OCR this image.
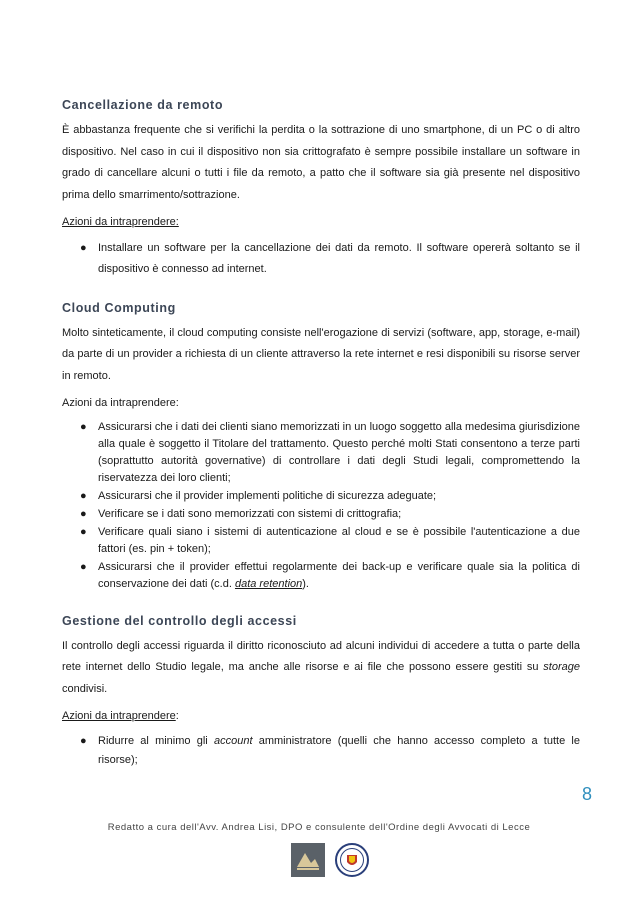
Cancellazione da remoto

È abbastanza frequente che si verifichi la perdita o la sottrazione di uno smartphone, di un PC o di altro dispositivo. Nel caso in cui il dispositivo non sia crittografato è sempre possibile installare un software in grado di cancellare alcuni o tutti i file da remoto, a patto che il software sia già presente nel dispositivo prima dello smarrimento/sottrazione.

Azioni da intraprendere:
● Installare un software per la cancellazione dei dati da remoto. Il software opererà soltanto se il dispositivo è connesso ad internet.
Cloud Computing

Molto sinteticamente, il cloud computing consiste nell'erogazione di servizi (software, app, storage, e-mail) da parte di un provider a richiesta di un cliente attraverso la rete internet e resi disponibili su risorse server in remoto.

Azioni da intraprendere:
● Assicurarsi che i dati dei clienti siano memorizzati in un luogo soggetto alla medesima giurisdizione alla quale è soggetto il Titolare del trattamento. Questo perché molti Stati consentono a terze parti (soprattutto autorità governative) di controllare i dati degli Studi legali, compromettendo la riservatezza dei loro clienti;
● Assicurarsi che il provider implementi politiche di sicurezza adeguate;
● Verificare se i dati sono memorizzati con sistemi di crittografia;
● Verificare quali siano i sistemi di autenticazione al cloud e se è possibile l'autenticazione a due fattori (es. pin + token);
● Assicurarsi che il provider effettui regolarmente dei back-up e verificare quale sia la politica di conservazione dei dati (c.d. data retention).
Gestione del controllo degli accessi

Il controllo degli accessi riguarda il diritto riconosciuto ad alcuni individui di accedere a tutta o parte della rete internet dello Studio legale, ma anche alle risorse e ai file che possono essere gestiti su storage condivisi.

Azioni da intraprendere:
● Ridurre al minimo gli account amministratore (quelli che hanno accesso completo a tutte le risorse);
8
Redatto a cura dell'Avv. Andrea Lisi, DPO e consulente dell'Ordine degli Avvocati di Lecce
